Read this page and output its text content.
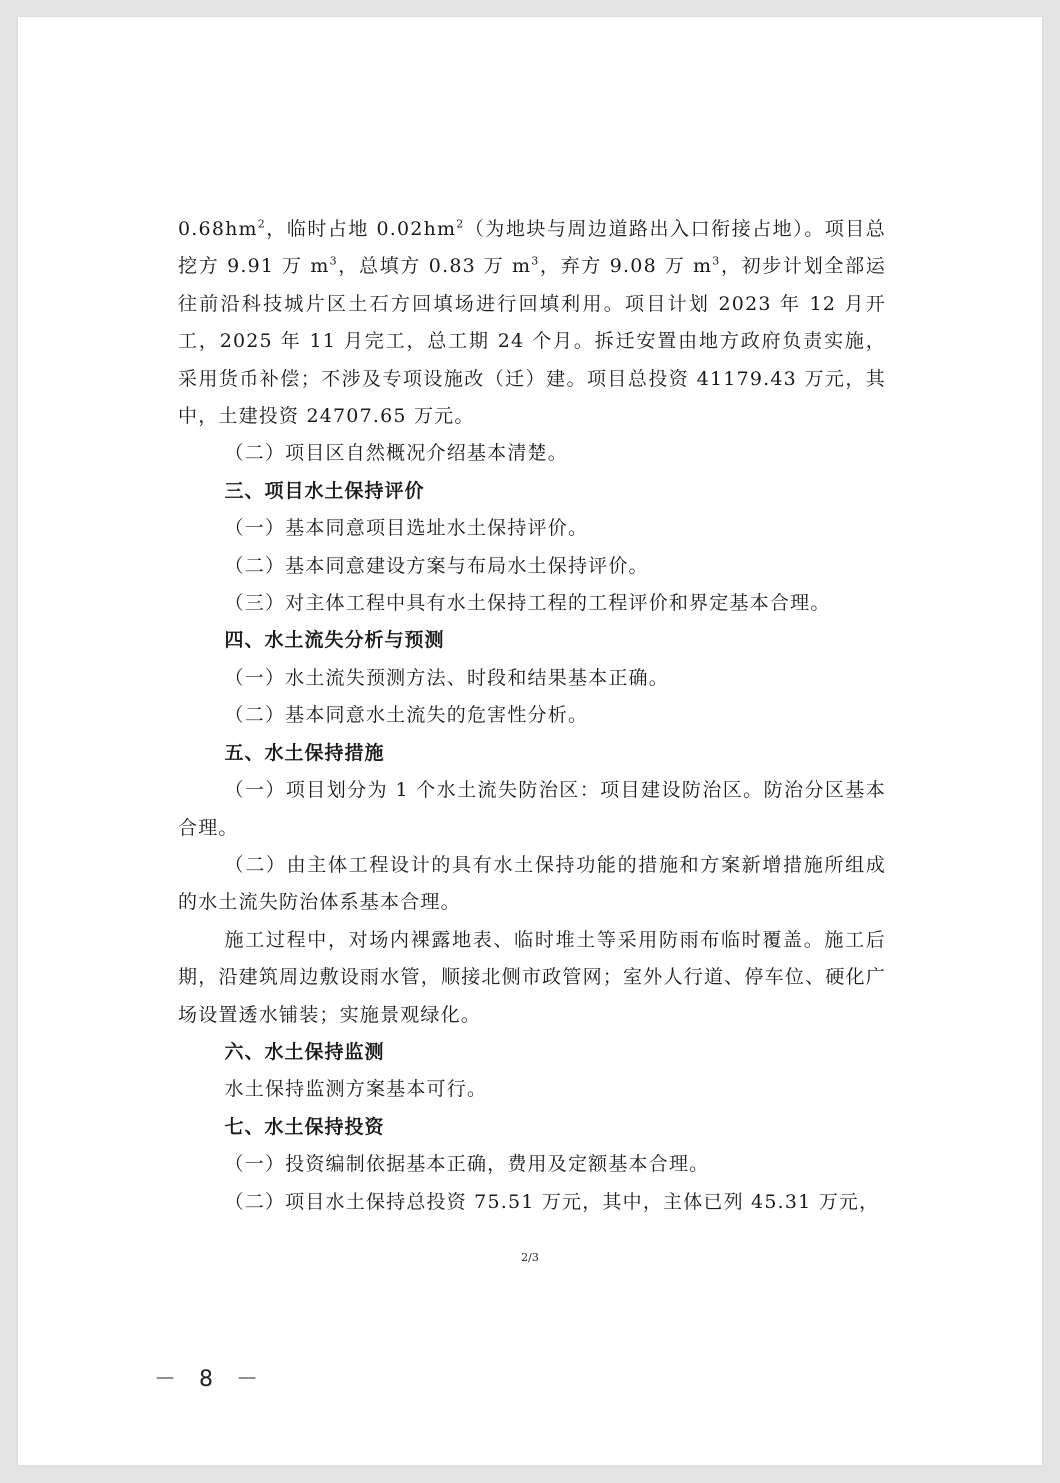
$0.68hm^2$，临时占地 $0.02hm^2$（为地块与周边道路出入口衔接占地）。项目总挖方 9.91 万 $m^3$，总填方 0.83 万 $m^3$，弃方 9.08 万 $m^3$，初步计划全部运往前沿科技城片区土石方回填场进行回填利用。项目计划 2023 年 12 月开工，2025 年 11 月完工，总工期 24 个月。拆迁安置由地方政府负责实施，采用货币补偿；不涉及专项设施改（迁）建。项目总投资 41179.43 万元，其中，土建投资 24707.65 万元。

（二）项目区自然概况介绍基本清楚。

三、项目水土保持评价

（一）基本同意项目选址水土保持评价。

（二）基本同意建设方案与布局水土保持评价。

（三）对主体工程中具有水土保持工程的工程评价和界定基本合理。

四、水土流失分析与预测

（一）水土流失预测方法、时段和结果基本正确。

（二）基本同意水土流失的危害性分析。

五、水土保持措施

（一）项目划分为 1 个水土流失防治区：项目建设防治区。防治分区基本合理。

（二）由主体工程设计的具有水土保持功能的措施和方案新增措施所组成的水土流失防治体系基本合理。

施工过程中，对场内裸露地表、临时堆土等采用防雨布临时覆盖。施工后期，沿建筑周边敷设雨水管，顺接北侧市政管网；室外人行道、停车位、硬化广场设置透水铺装；实施景观绿化。

六、水土保持监测

水土保持监测方案基本可行。

七、水土保持投资

（一）投资编制依据基本正确，费用及定额基本合理。

（二）项目水土保持总投资 75.51 万元，其中，主体已列 45.31 万元，

2/3
－ 8 －
